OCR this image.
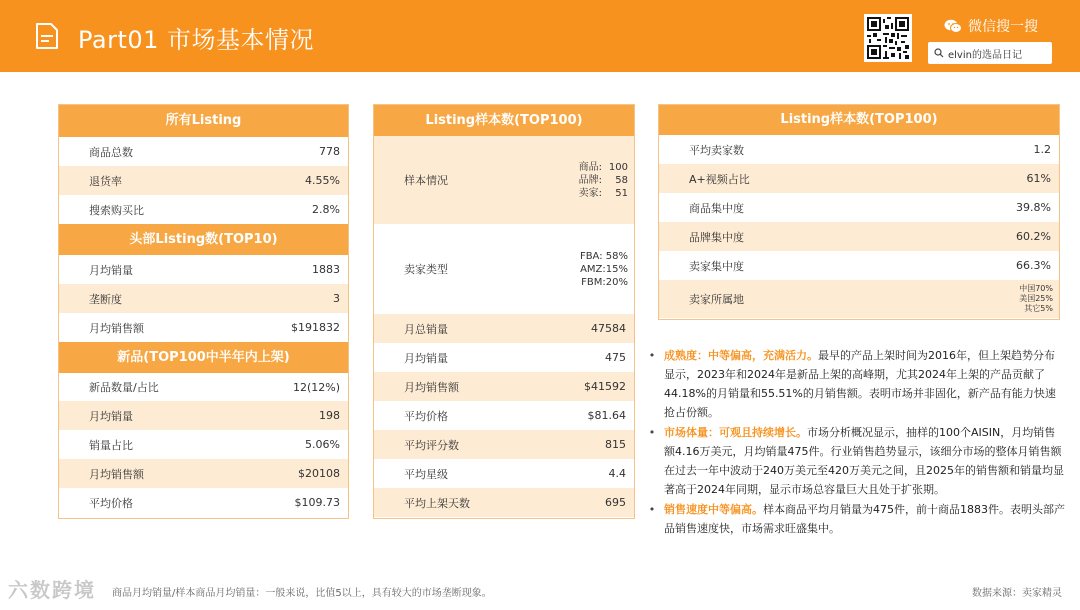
Part01 市场基本情况	微信搜一搜
elvin的选品日记
所有Listing
商品总数	778
退货率	4.55%
搜索购买比	2.8%
头部Listing数(TOP10)
月均销量	1883
垄断度	3
月均销售额	$191832
新品(TOP100中半年内上架)
新品数量/占比	12(12%)
月均销量	198
销量占比	5.06%
月均销售额	$20108
平均价格	$109.73
Listing样本数(TOP100)
样本情况
商品: 100
品牌:	58
卖家:	51
卖家类型
FBA: 58%
AMZ:15%
FBM:20%
月总销量	47584
月均销量	475
月均销售额	$41592
平均价格	$81.64
平均评分数	815
平均星级	4.4
平均上架天数	695
Listing样本数(TOP100)
平均卖家数	1.2
A+视频占比	61%
商品集中度	39.8%
品牌集中度	60.2%
卖家集中度	66.3%
卖家所属地
中国70%
美国25%
其它5%
• 成熟度：中等偏高，充满活力。最早的产品上架时间为2016年，但上架趋势分布显示，2023年和2024年是新品上架的高峰期，尤其2024年上架的产品贡献了44.18%的月销量和55.51%的月销售额。表明市场并非固化，新产品有能力快速抢占份额。
• 市场体量：可观且持续增长。市场分析概况显示，抽样的100个AISIN，月均销售额4.16万美元，月均销量475件。行业销售趋势显示，该细分市场的整体月销售额在过去一年中波动于240万美元至420万美元之间，且2025年的销售额和销量均显著高于2024年同期，显示市场总容量巨大且处于扩张期。
• 销售速度中等偏高。样本商品平均月销量为475件，前十商品1883件。表明头部产品销售速度快，市场需求旺盛集中。
商品月均销量/样本商品月均销量：一般来说，比值5以上，具有较大的市场垄断现象。	数据来源：卖家精灵
六数跨境
